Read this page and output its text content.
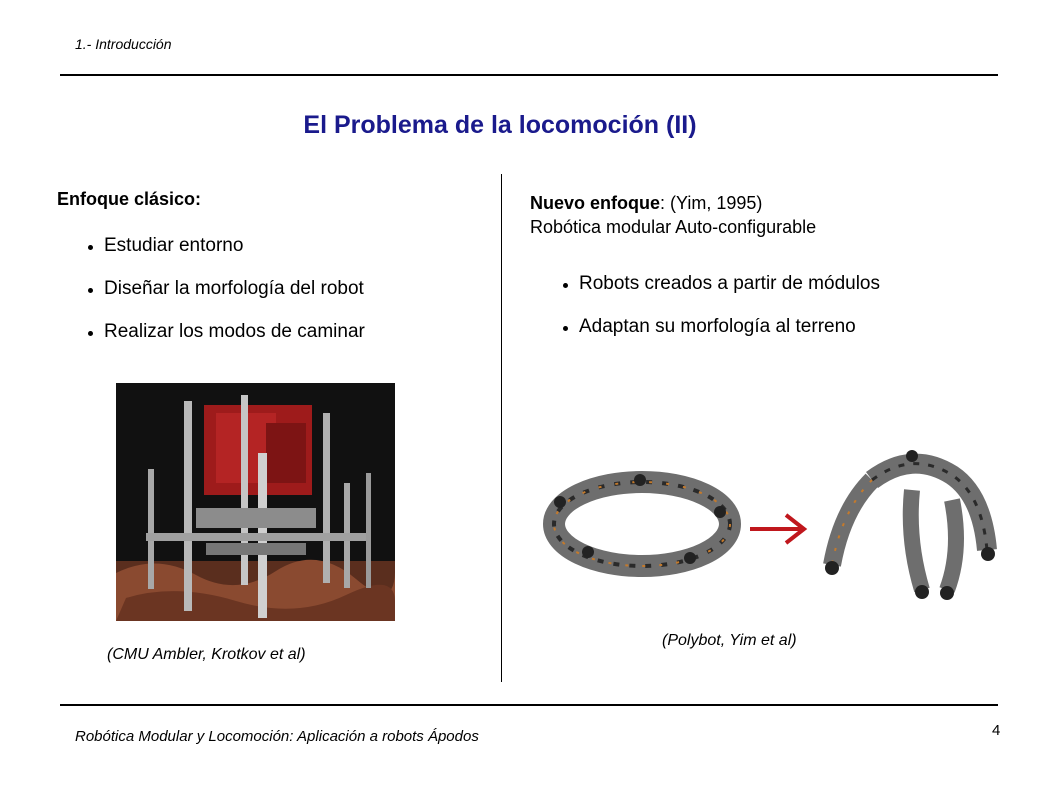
1.- Introducción
El Problema de la locomoción (II)
Enfoque clásico:
Estudiar entorno
Diseñar la morfología del robot
Realizar los modos de caminar
(CMU Ambler, Krotkov et al)
Nuevo enfoque: (Yim, 1995)
Robótica modular Auto-configurable
Robots creados a partir de módulos
Adaptan su morfología al terreno
(Polybot, Yim et al)
Robótica Modular y Locomoción: Aplicación a robots Ápodos	4
